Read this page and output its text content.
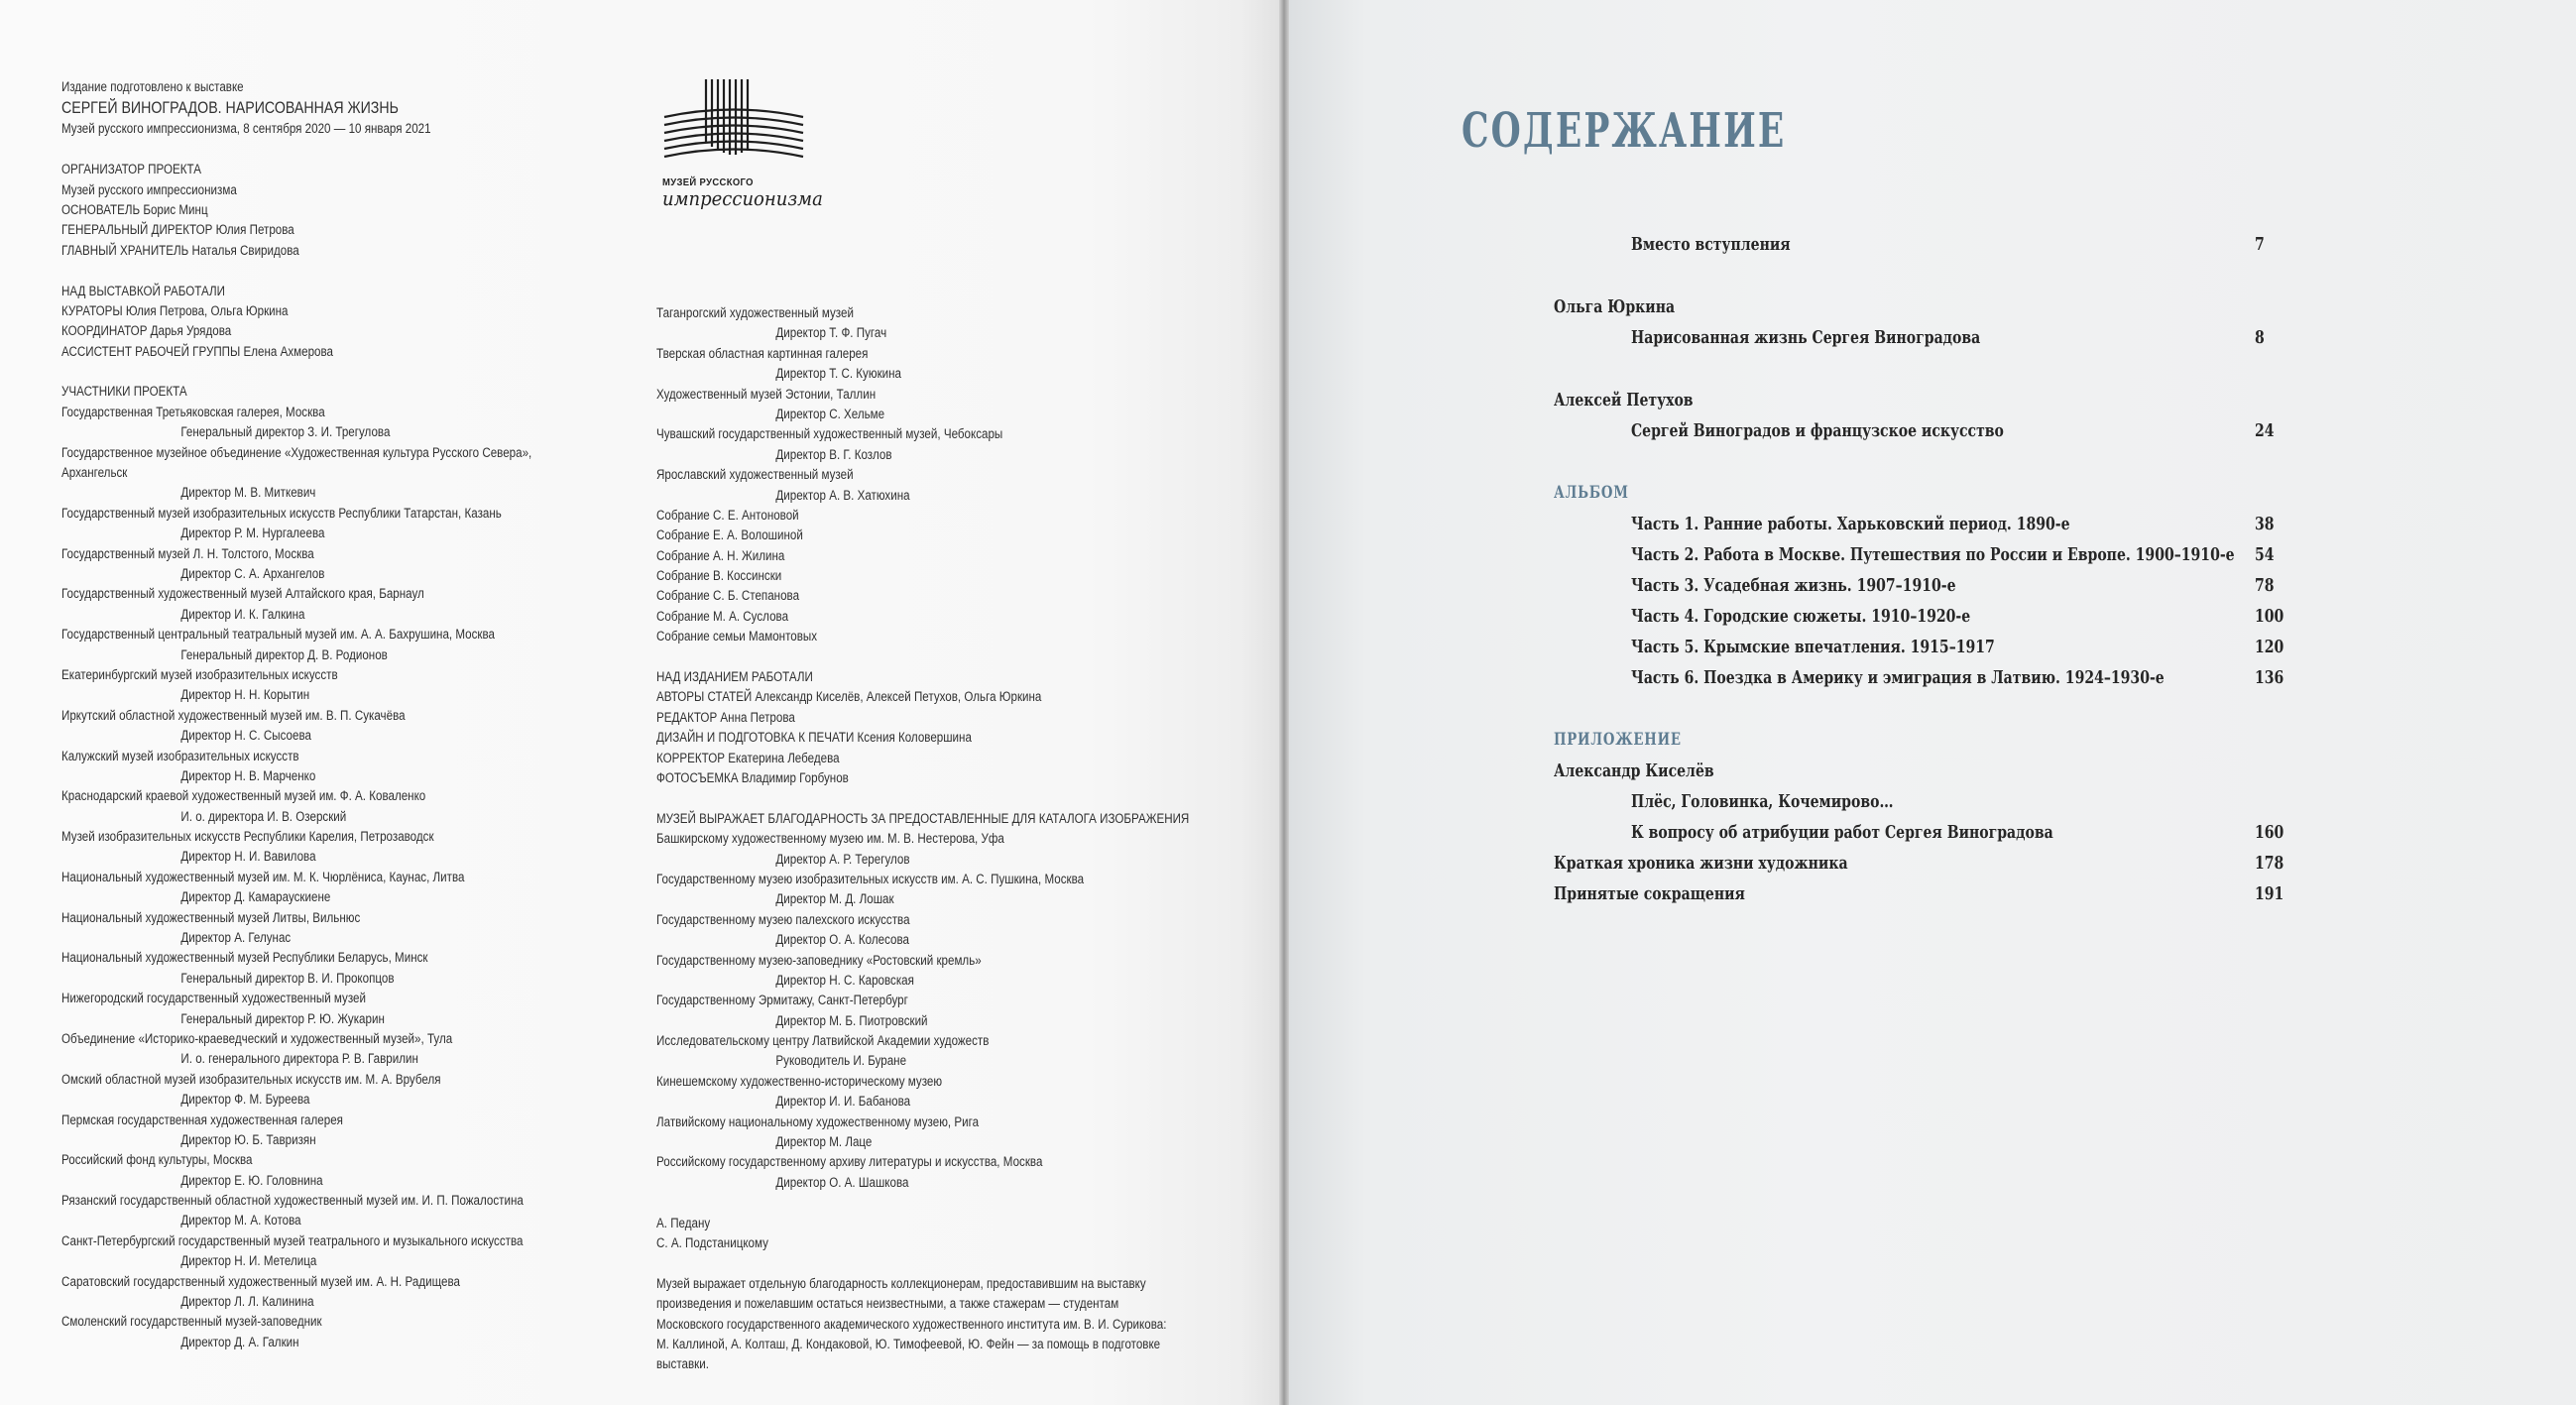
Издание подготовлено к выставке
СЕРГЕЙ ВИНОГРАДОВ. НАРИСОВАННАЯ ЖИЗНЬ
Музей русского импрессионизма, 8 сентября 2020 — 10 января 2021
ОРГАНИЗАТОР ПРОЕКТА
Музей русского импрессионизма
ОСНОВАТЕЛЬ Борис Минц
ГЕНЕРАЛЬНЫЙ ДИРЕКТОР Юлия Петрова
ГЛАВНЫЙ ХРАНИТЕЛЬ Наталья Свиридова
НАД ВЫСТАВКОЙ РАБОТАЛИ
КУРАТОРЫ Юлия Петрова, Ольга Юркина
КООРДИНАТОР Дарья Урядова
АССИСТЕНТ РАБОЧЕЙ ГРУППЫ Елена Ахмерова
УЧАСТНИКИ ПРОЕКТА
Государственная Третьяковская галерея, Москва
Генеральный директор З. И. Трегулова
Государственное музейное объединение «Художественная культура Русского Севера»,
Архангельск
Директор М. В. Миткевич
Государственный музей изобразительных искусств Республики Татарстан, Казань
Директор Р. М. Нургалеева
Государственный музей Л. Н. Толстого, Москва
Директор С. А. Архангелов
Государственный художественный музей Алтайского края, Барнаул
Директор И. К. Галкина
Государственный центральный театральный музей им. А. А. Бахрушина, Москва
Генеральный директор Д. В. Родионов
Екатеринбургский музей изобразительных искусств
Директор Н. Н. Корытин
Иркутский областной художественный музей им. В. П. Сукачёва
Директор Н. С. Сысоева
Калужский музей изобразительных искусств
Директор Н. В. Марченко
Краснодарский краевой художественный музей им. Ф. А. Коваленко
И. о. директора И. В. Озерский
Музей изобразительных искусств Республики Карелия, Петрозаводск
Директор Н. И. Вавилова
Национальный художественный музей им. М. К. Чюрлёниса, Каунас, Литва
Директор Д. Камараускиене
Национальный художественный музей Литвы, Вильнюс
Директор А. Гелунас
Национальный художественный музей Республики Беларусь, Минск
Генеральный директор В. И. Прокопцов
Нижегородский государственный художественный музей
Генеральный директор Р. Ю. Жукарин
Объединение «Историко-краеведческий и художественный музей», Тула
И. о. генерального директора Р. В. Гаврилин
Омский областной музей изобразительных искусств им. М. А. Врубеля
Директор Ф. М. Буреева
Пермская государственная художественная галерея
Директор Ю. Б. Тавризян
Российский фонд культуры, Москва
Директор Е. Ю. Головнина
Рязанский государственный областной художественный музей им. И. П. Пожалостина
Директор М. А. Котова
Санкт-Петербургский государственный музей театрального и музыкального искусства
Директор Н. И. Метелица
Саратовский государственный художественный музей им. А. Н. Радищева
Директор Л. Л. Калинина
Смоленский государственный музей-заповедник
Директор Д. А. Галкин
МУЗЕЙ РУССКОГО
импрессионизма
Таганрогский художественный музей
Директор Т. Ф. Пугач
Тверская областная картинная галерея
Директор Т. С. Куюкина
Художественный музей Эстонии, Таллин
Директор С. Хельме
Чувашский государственный художественный музей, Чебоксары
Директор В. Г. Козлов
Ярославский художественный музей
Директор А. В. Хатюхина
Собрание С. Е. Антоновой
Собрание Е. А. Волошиной
Собрание А. Н. Жилина
Собрание В. Коссински
Собрание С. Б. Степанова
Собрание М. А. Суслова
Собрание семьи Мамонтовых
НАД ИЗДАНИЕМ РАБОТАЛИ
АВТОРЫ СТАТЕЙ Александр Киселёв, Алексей Петухов, Ольга Юркина
РЕДАКТОР Анна Петрова
ДИЗАЙН И ПОДГОТОВКА К ПЕЧАТИ Ксения Коловершина
КОРРЕКТОР Екатерина Лебедева
ФОТОСЪЕМКА Владимир Горбунов
МУЗЕЙ ВЫРАЖАЕТ БЛАГОДАРНОСТЬ ЗА ПРЕДОСТАВЛЕННЫЕ ДЛЯ КАТАЛОГА ИЗОБРАЖЕНИЯ
Башкирскому художественному музею им. М. В. Нестерова, Уфа
Директор А. Р. Терегулов
Государственному музею изобразительных искусств им. А. С. Пушкина, Москва
Директор М. Д. Лошак
Государственному музею палехского искусства
Директор О. А. Колесова
Государственному музею-заповеднику «Ростовский кремль»
Директор Н. С. Каровская
Государственному Эрмитажу, Санкт-Петербург
Директор М. Б. Пиотровский
Исследовательскому центру Латвийской Академии художеств
Руководитель И. Буране
Кинешемскому художественно-историческому музею
Директор И. И. Бабанова
Латвийскому национальному художественному музею, Рига
Директор М. Лаце
Российскому государственному архиву литературы и искусства, Москва
Директор О. А. Шашкова
А. Педану
С. А. Подстаницкому
Музей выражает отдельную благодарность коллекционерам, предоставившим на выставку
произведения и пожелавшим остаться неизвестными, а также стажерам — студентам
Московского государственного академического художественного института им. В. И. Сурикова:
М. Каллиной, А. Колташ, Д. Кондаковой, Ю. Тимофеевой, Ю. Фейн — за помощь в подготовке
выставки.
СОДЕРЖАНИЕ
Вместо вступления	7
Ольга Юркина
Нарисованная жизнь Сергея Виноградова	8
Алексей Петухов
Сергей Виноградов и французское искусство	24
АЛЬБОМ
Часть 1. Ранние работы. Харьковский период. 1890-е	38
Часть 2. Работа в Москве. Путешествия по России и Европе. 1900–1910-е 54
Часть 3. Усадебная жизнь. 1907–1910-е	78
Часть 4. Городские сюжеты. 1910–1920-е	100
Часть 5. Крымские впечатления. 1915–1917	120
Часть 6. Поездка в Америку и эмиграция в Латвию. 1924–1930-е	136
ПРИЛОЖЕНИЕ
Александр Киселёв
Плёс, Головинка, Кочемирово…
К вопросу об атрибуции работ Сергея Виноградова	160
Краткая хроника жизни художника	178
Принятые сокращения	191
